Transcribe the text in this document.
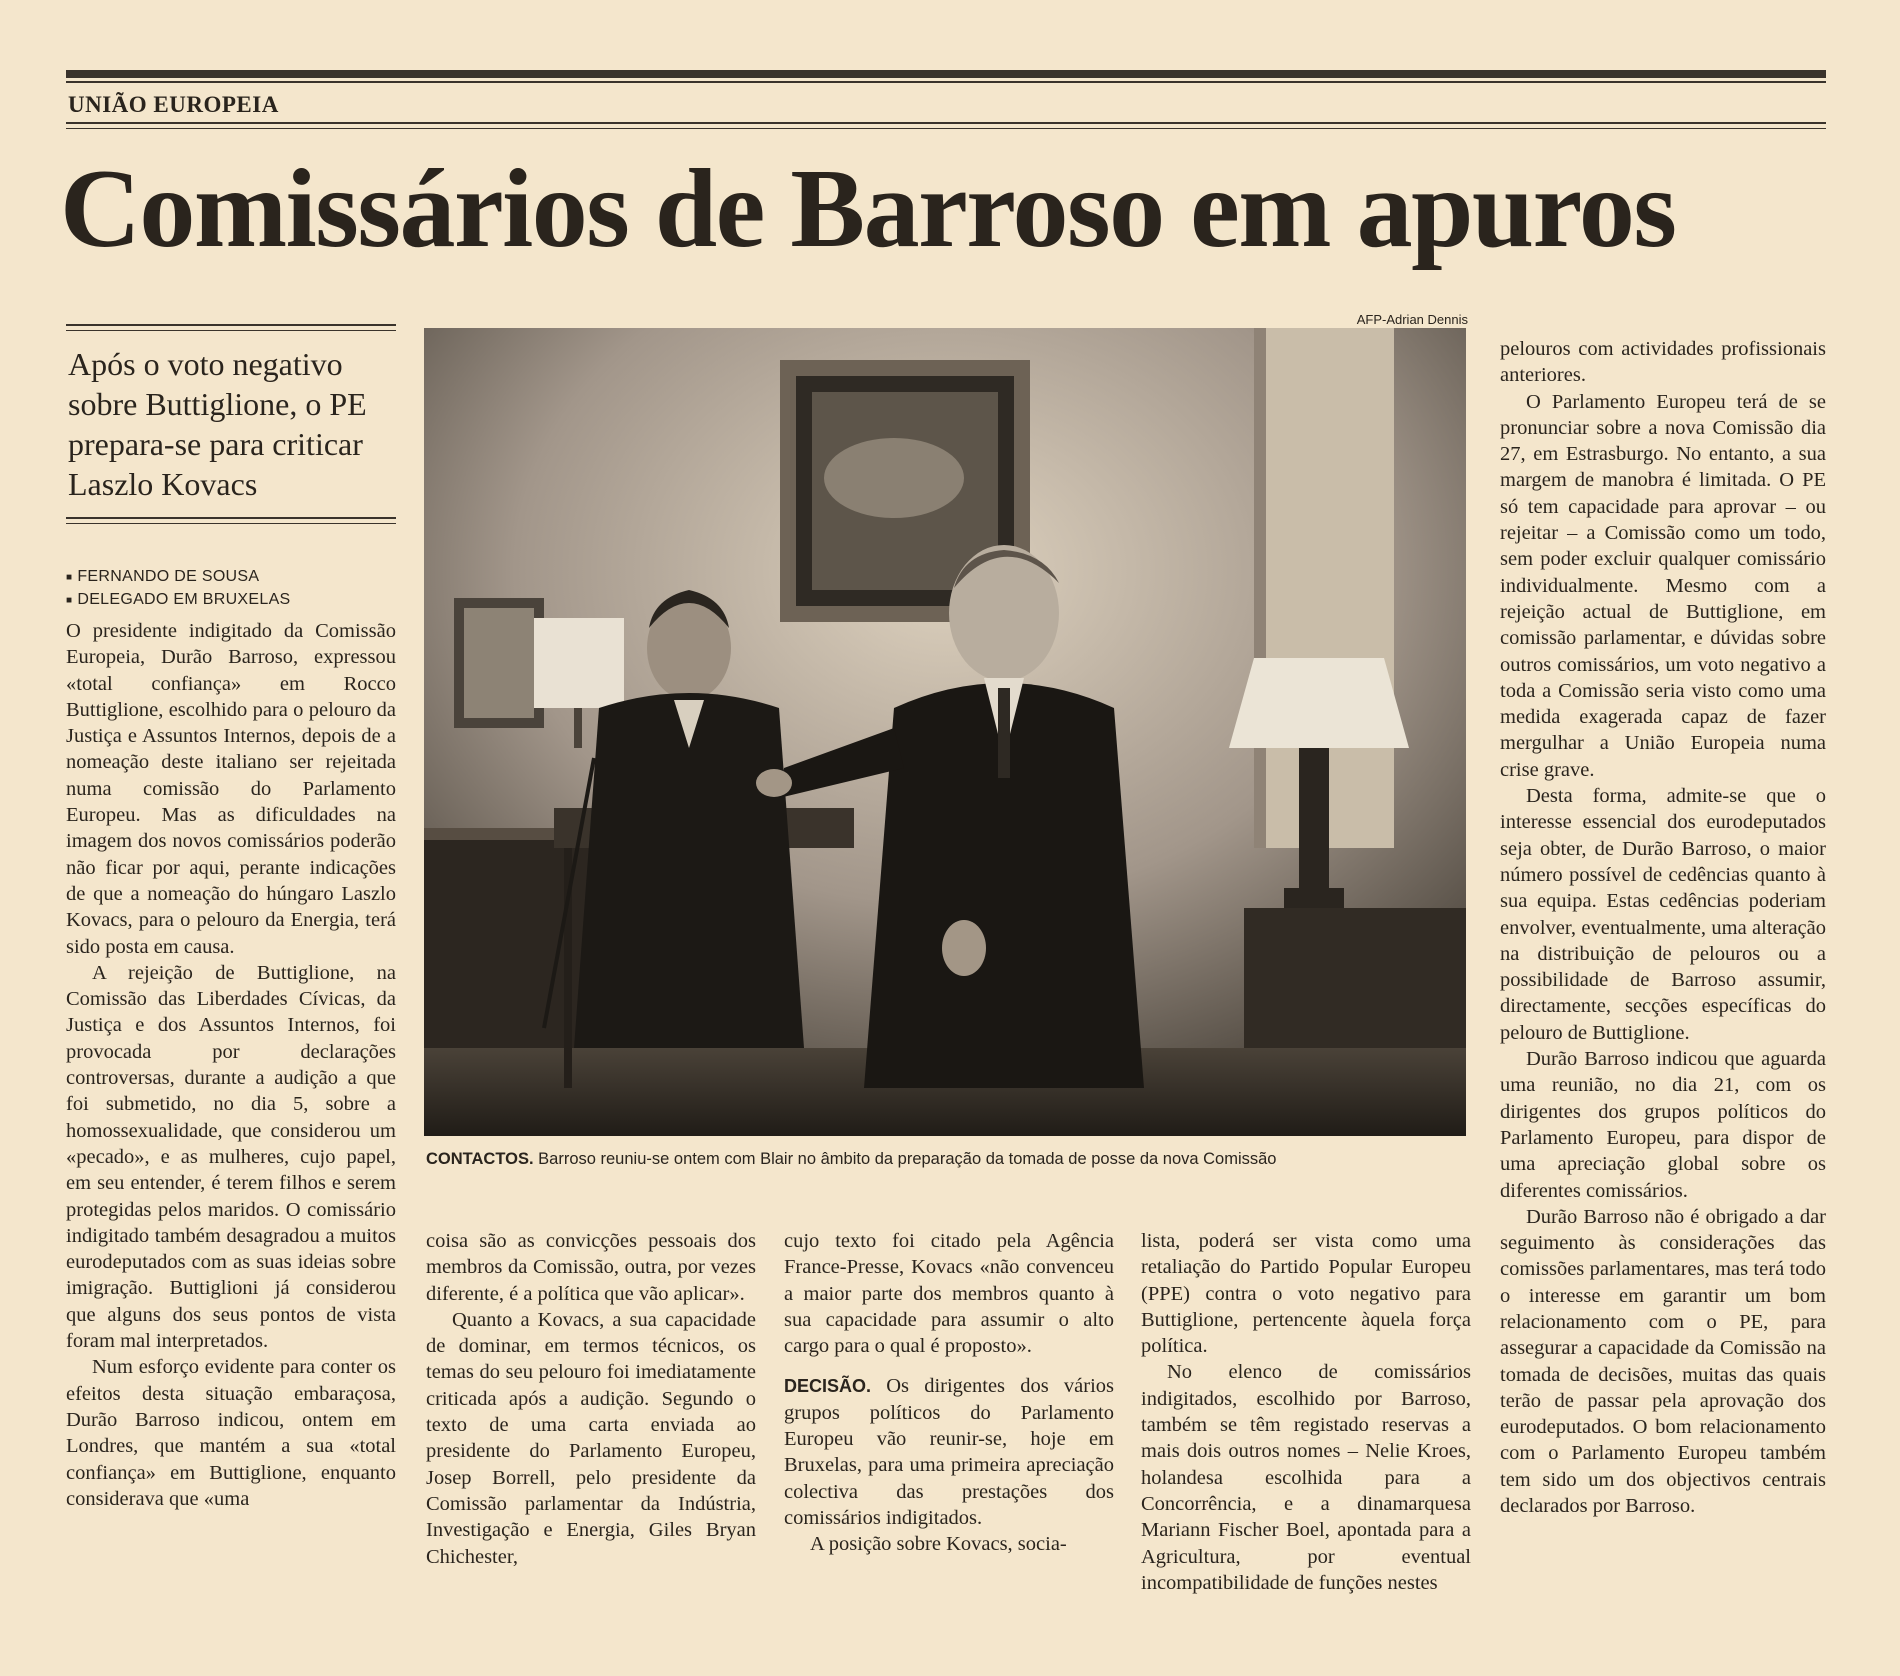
UNIÃO EUROPEIA
Comissários de Barroso em apuros
Após o voto negativo sobre Buttiglione, o PE prepara-se para criticar Laszlo Kovacs
■ FERNANDO DE SOUSA
■ DELEGADO EM BRUXELAS

O presidente indigitado da Comissão Europeia, Durão Barroso, expressou «total confiança» em Rocco Buttiglione, escolhido para o pelouro da Justiça e Assuntos Internos, depois de a nomeação deste italiano ser rejeitada numa comissão do Parlamento Europeu. Mas as dificuldades na imagem dos novos comissários poderão não ficar por aqui, perante indicações de que a nomeação do húngaro Laszlo Kovacs, para o pelouro da Energia, terá sido posta em causa.

A rejeição de Buttiglione, na Comissão das Liberdades Cívicas, da Justiça e dos Assuntos Internos, foi provocada por declarações controversas, durante a audição a que foi submetido, no dia 5, sobre a homossexualidade, que considerou um «pecado», e as mulheres, cujo papel, em seu entender, é terem filhos e serem protegidas pelos maridos. O comissário indigitado também desagradou a muitos eurodeputados com as suas ideias sobre imigração. Buttiglioni já considerou que alguns dos seus pontos de vista foram mal interpretados.

Num esforço evidente para conter os efeitos desta situação embaraçosa, Durão Barroso indicou, ontem em Londres, que mantém a sua «total confiança» em Buttiglione, enquanto considerava que «uma

AFP-Adrian Dennis
CONTACTOS. Barroso reuniu-se ontem com Blair no âmbito da preparação da tomada de posse da nova Comissão

coisa são as convicções pessoais dos membros da Comissão, outra, por vezes diferente, é a política que vão aplicar».

Quanto a Kovacs, a sua capacidade de dominar, em termos técnicos, os temas do seu pelouro foi imediatamente criticada após a audição. Segundo o texto de uma carta enviada ao presidente do Parlamento Europeu, Josep Borrell, pelo presidente da Comissão parlamentar da Indústria, Investigação e Energia, Giles Bryan Chichester,

cujo texto foi citado pela Agência France-Presse, Kovacs «não convenceu a maior parte dos membros quanto à sua capacidade para assumir o alto cargo para o qual é proposto».

DECISÃO. Os dirigentes dos vários grupos políticos do Parlamento Europeu vão reunir-se, hoje em Bruxelas, para uma primeira apreciação colectiva das prestações dos comissários indigitados.

A posição sobre Kovacs, socia-

lista, poderá ser vista como uma retaliação do Partido Popular Europeu (PPE) contra o voto negativo para Buttiglione, pertencente àquela força política.

No elenco de comissários indigitados, escolhido por Barroso, também se têm registado reservas a mais dois outros nomes – Nelie Kroes, holandesa escolhida para a Concorrência, e a dinamarquesa Mariann Fischer Boel, apontada para a Agricultura, por eventual incompatibilidade de funções nestes

pelouros com actividades profissionais anteriores.

O Parlamento Europeu terá de se pronunciar sobre a nova Comissão dia 27, em Estrasburgo. No entanto, a sua margem de manobra é limitada. O PE só tem capacidade para aprovar – ou rejeitar – a Comissão como um todo, sem poder excluir qualquer comissário individualmente. Mesmo com a rejeição actual de Buttiglione, em comissão parlamentar, e dúvidas sobre outros comissários, um voto negativo a toda a Comissão seria visto como uma medida exagerada capaz de fazer mergulhar a União Europeia numa crise grave.

Desta forma, admite-se que o interesse essencial dos eurodeputados seja obter, de Durão Barroso, o maior número possível de cedências quanto à sua equipa. Estas cedências poderiam envolver, eventualmente, uma alteração na distribuição de pelouros ou a possibilidade de Barroso assumir, directamente, secções específicas do pelouro de Buttiglione.

Durão Barroso indicou que aguarda uma reunião, no dia 21, com os dirigentes dos grupos políticos do Parlamento Europeu, para dispor de uma apreciação global sobre os diferentes comissários.

Durão Barroso não é obrigado a dar seguimento às considerações das comissões parlamentares, mas terá todo o interesse em garantir um bom relacionamento com o PE, para assegurar a capacidade da Comissão na tomada de decisões, muitas das quais terão de passar pela aprovação dos eurodeputados. O bom relacionamento com o Parlamento Europeu também tem sido um dos objectivos centrais declarados por Barroso.
